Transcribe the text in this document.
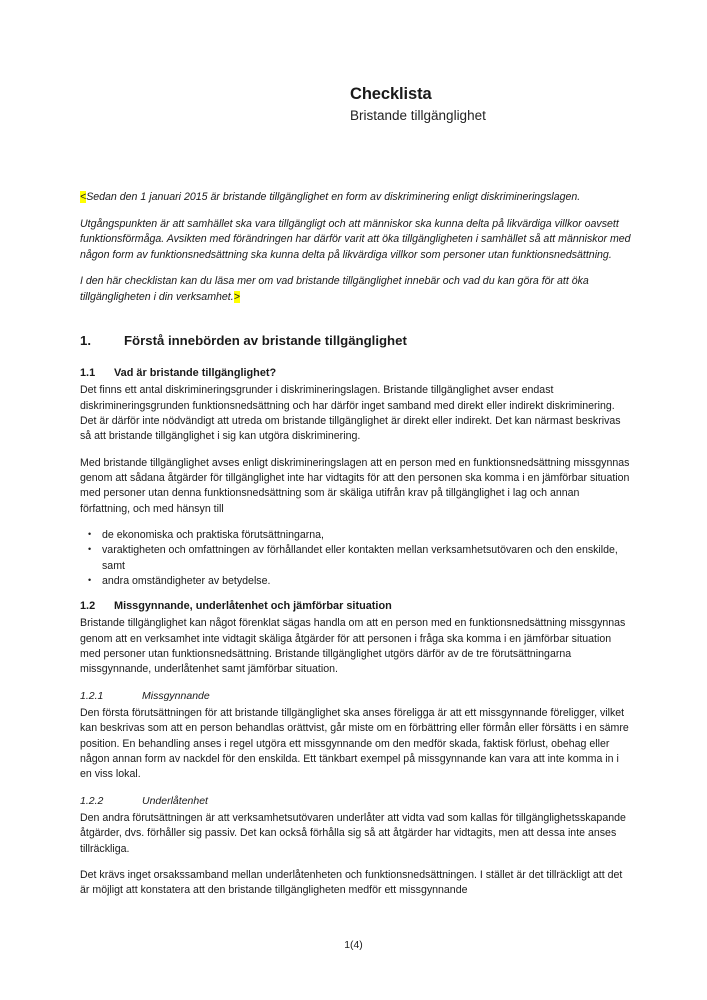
Checklista
Bristande tillgänglighet

<Sedan den 1 januari 2015 är bristande tillgänglighet en form av diskriminering enligt diskrimineringslagen.

Utgångspunkten är att samhället ska vara tillgängligt och att människor ska kunna delta på likvärdiga villkor oavsett funktionsförmåga. Avsikten med förändringen har därför varit att öka tillgängligheten i samhället så att människor med någon form av funktionsnedsättning ska kunna delta på likvärdiga villkor som personer utan funktionsnedsättning.

I den här checklistan kan du läsa mer om vad bristande tillgänglighet innebär och vad du kan göra för att öka tillgängligheten i din verksamhet.>

1.	Förstå innebörden av bristande tillgänglighet
1.1	Vad är bristande tillgänglighet?

Det finns ett antal diskrimineringsgrunder i diskrimineringslagen. Bristande tillgänglighet avser endast diskrimineringsgrunden funktionsnedsättning och har därför inget samband med direkt eller indirekt diskriminering. Det är därför inte nödvändigt att utreda om bristande tillgänglighet är direkt eller indirekt. Det kan närmast beskrivas så att bristande tillgänglighet i sig kan utgöra diskriminering.

Med bristande tillgänglighet avses enligt diskrimineringslagen att en person med en funktionsnedsättning missgynnas genom att sådana åtgärder för tillgänglighet inte har vidtagits för att den personen ska komma i en jämförbar situation med personer utan denna funktionsnedsättning som är skäliga utifrån krav på tillgänglighet i lag och annan författning, och med hänsyn till

• de ekonomiska och praktiska förutsättningarna,
• varaktigheten och omfattningen av förhållandet eller kontakten mellan verksamhetsutövaren och den enskilde, samt
• andra omständigheter av betydelse.
1.2	Missgynnande, underlåtenhet och jämförbar situation

Bristande tillgänglighet kan något förenklat sägas handla om att en person med en funktionsnedsättning missgynnas genom att en verksamhet inte vidtagit skäliga åtgärder för att personen i fråga ska komma i en jämförbar situation med personer utan funktionsnedsättning. Bristande tillgänglighet utgörs därför av de tre förutsättningarna missgynnande, underlåtenhet samt jämförbar situation.

1.2.1	Missgynnande

Den första förutsättningen för att bristande tillgänglighet ska anses föreligga är att ett missgynnande föreligger, vilket kan beskrivas som att en person behandlas orättvist, går miste om en förbättring eller förmån eller försätts i en sämre position. En behandling anses i regel utgöra ett missgynnande om den medför skada, faktisk förlust, obehag eller någon annan form av nackdel för den enskilda. Ett tänkbart exempel på missgynnande kan vara att inte komma in i en viss lokal.

1.2.2	Underlåtenhet

Den andra förutsättningen är att verksamhetsutövaren underlåter att vidta vad som kallas för tillgänglighetsskapande åtgärder, dvs. förhåller sig passiv. Det kan också förhålla sig så att åtgärder har vidtagits, men att dessa inte anses tillräckliga.

Det krävs inget orsakssamband mellan underlåtenheten och funktionsnedsättningen. I stället är det tillräckligt att det är möjligt att konstatera att den bristande tillgängligheten medför ett missgynnande

1(4)
